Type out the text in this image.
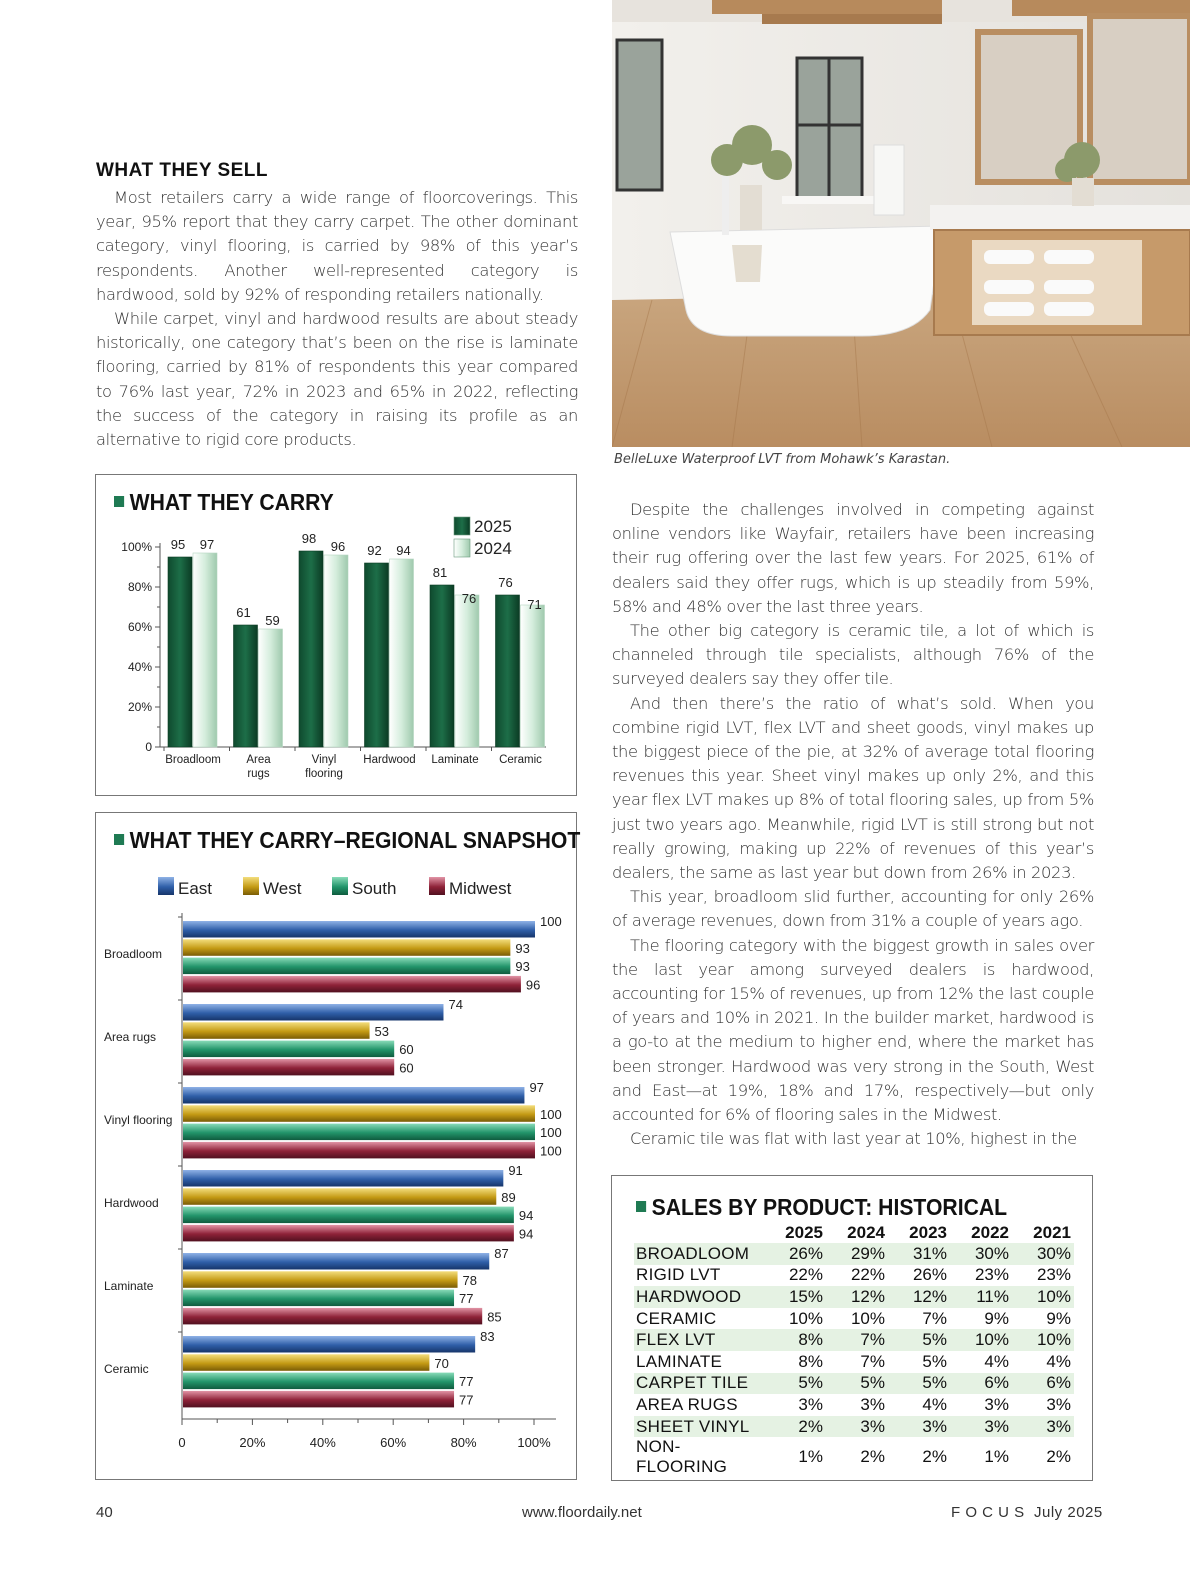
BelleLuxe Waterproof LVT from Mohawk’s Karastan.
WHAT THEY SELL

Most retailers carry a wide range of floorcoverings. This year, 95% report that they carry carpet. The other dominant category, vinyl flooring, is carried by 98% of this year’s respondents. Another well-represented category is hardwood, sold by 92% of responding retailers nationally.

While carpet, vinyl and hardwood results are about steady historically, one category that’s been on the rise is laminate flooring, carried by 81% of respondents this year compared to 76% last year, 72% in 2023 and 65% in 2022, reflecting the success of the category in raising its profile as an alternative to rigid core products.

Despite the challenges involved in competing against online vendors like Wayfair, retailers have been increasing their rug offering over the last few years. For 2025, 61% of dealers said they offer rugs, which is up steadily from 59%, 58% and 48% over the last three years.

The other big category is ceramic tile, a lot of which is channeled through tile specialists, although 76% of the surveyed dealers say they offer tile.

And then there’s the ratio of what’s sold. When you combine rigid LVT, flex LVT and sheet goods, vinyl makes up the biggest piece of the pie, at 32% of average total flooring revenues this year. Sheet vinyl makes up only 2%, and this year flex LVT makes up 8% of total flooring sales, up from 5% just two years ago. Meanwhile, rigid LVT is still strong but not really growing, making up 22% of revenues of this year’s dealers, the same as last year but down from 26% in 2023.

This year, broadloom slid further, accounting for only 26% of average revenues, down from 31% a couple of years ago.

The flooring category with the biggest growth in sales over the last year among surveyed dealers is hardwood, accounting for 15% of revenues, up from 12% the last couple of years and 10% in 2021. In the builder market, hardwood is a go-to at the medium to higher end, where the market has been stronger. Hardwood was very strong in the South, West and East—at 19%, 18% and 17%, respectively—but only accounted for 6% of flooring sales in the Midwest.

Ceramic tile was flat with last year at 10%, highest in the

WHAT THEY CARRY
0
20%
40%
60%
80%
100% 95 97
Broadloom
61
59
Area
rugs
98
96
Vinyl
flooring
92 94
Hardwood
81
76
Laminate
76
71
Ceramic
2025
2024
WHAT THEY CARRY–REGIONAL SNAPSHOT
East	West	South	Midwest
0	20%	40%	60%	80%	100%
Broadloom
100
93
93
96
Area rugs
74
53
60
60
Vinyl flooring
97
100
100
100
Hardwood
91
89
94
94
Laminate
87
78
77
85
Ceramic
83
70
77
77
SALES BY PRODUCT: HISTORICAL
	2025	2024	2023	2022	2021
BROADLOOM	26%	29%	31%	30%	30%
RIGID LVT	22%	22%	26%	23%	23%
HARDWOOD	15%	12%	12%	11%	10%
CERAMIC	10%	10%	7%	9%	9%
FLEX LVT	8%	7%	5%	10%	10%
LAMINATE	8%	7%	5%	4%	4%
CARPET TILE	5%	5%	5%	6%	6%
AREA RUGS	3%	3%	4%	3%	3%
SHEET VINYL	2%	3%	3%	3%	3%
NON-FLOORING	1%	2%	2%	1%	2%
40	www.floordaily.net	F O C U S  July 2025
